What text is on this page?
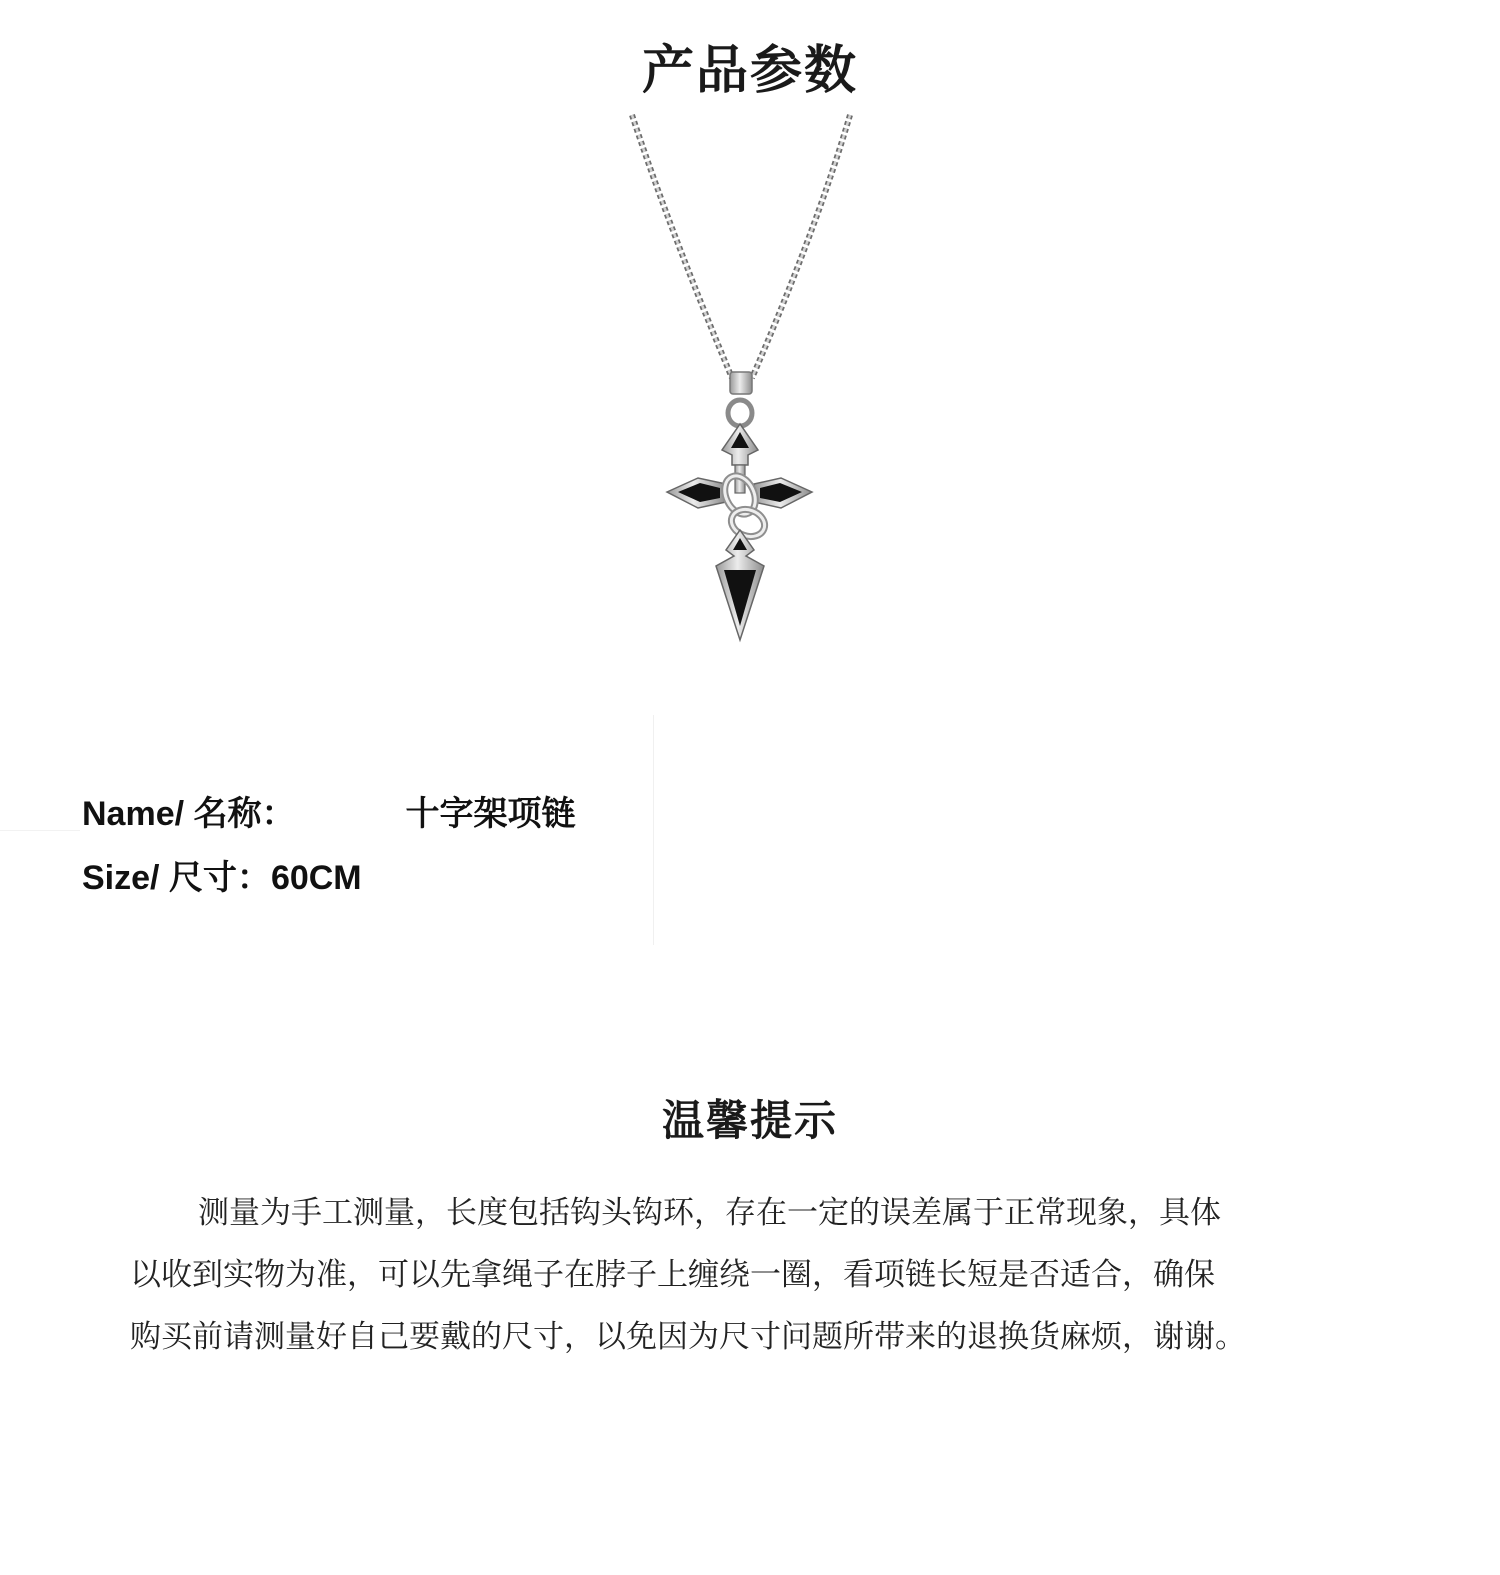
产品参数
Name/ 名称：	十字架项链
Size/ 尺寸：60CM
温馨提示

测量为手工测量，长度包括钩头钩环，存在一定的误差属于正常现象，具体

以收到实物为准，可以先拿绳子在脖子上缠绕一圈，看项链长短是否适合，确保

购买前请测量好自己要戴的尺寸，以免因为尺寸问题所带来的退换货麻烦，谢谢。
